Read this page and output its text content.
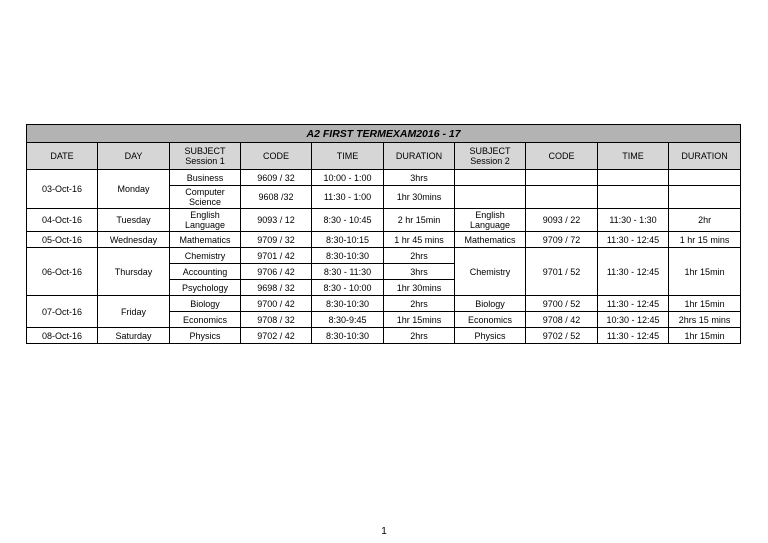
A2 FIRST TERMEXAM2016 - 17									
DATE	DAY	SUBJECT Session 1	CODE	TIME	DURATION	SUBJECT Session 2	CODE	TIME	DURATION
03-Oct-16	Monday	Business	9609 / 32	10:00 - 1:00	3hrs				
		Computer Science	9608 /32	11:30 - 1:00	1hr 30mins				
04-Oct-16	Tuesday	English Language	9093 / 12	8:30 - 10:45	2 hr 15min	English Language	9093 / 22	11:30 - 1:30	2hr
05-Oct-16	Wednesday	Mathematics	9709 / 32	8:30-10:15	1 hr 45 mins	Mathematics	9709 / 72	11:30 - 12:45	1 hr 15 mins
06-Oct-16	Thursday	Chemistry	9701 / 42	8:30-10:30	2hrs	Chemistry	9701 / 52	11:30 - 12:45	1hr 15min
		Accounting	9706 / 42	8:30 - 11:30	3hrs				
		Psychology	9698 / 32	8:30 - 10:00	1hr 30mins				
07-Oct-16	Friday	Biology	9700 / 42	8:30-10:30	2hrs	Biology	9700 / 52	11:30 - 12:45	1hr 15min
		Economics	9708 / 32	8:30-9:45	1hr 15mins	Economics	9708 / 42	10:30 - 12:45	2hrs 15 mins
08-Oct-16	Saturday	Physics	9702 / 42	8:30-10:30	2hrs	Physics	9702 / 52	11:30 - 12:45	1hr 15min
1
